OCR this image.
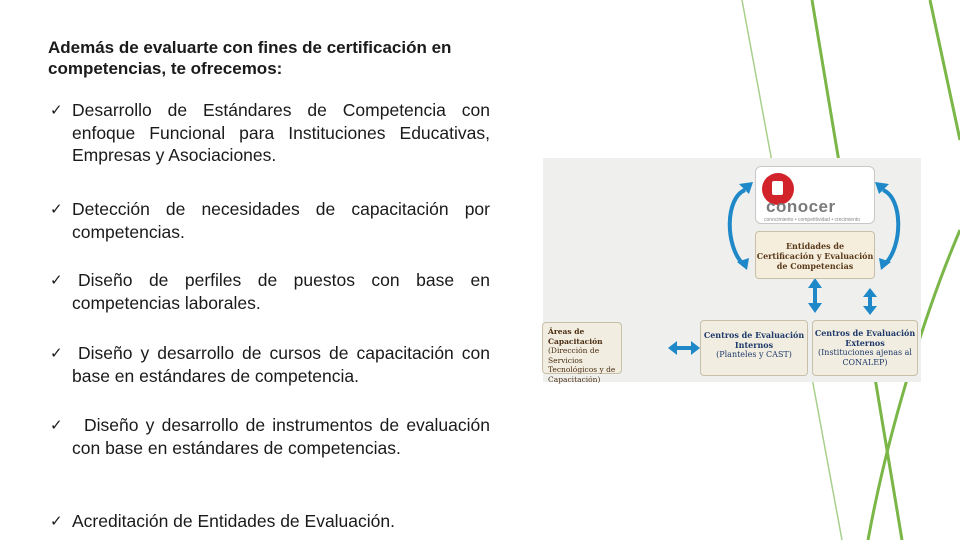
Además de evaluarte con fines de certificación en
competencias, te ofrecemos:
✓ Desarrollo de Estándares de Competencia con enfoque Funcional para Instituciones Educativas, Empresas y Asociaciones.
✓ Detección de necesidades de capacitación por competencias.
✓ Diseño de perfiles de puestos con base en competencias laborales.
✓ Diseño y desarrollo de cursos de capacitación con base en estándares de competencia.
✓	Diseño y desarrollo de instrumentos de evaluación con base en estándares de competencias.
✓ Acreditación de Entidades de Evaluación.
conocer
conocimiento • competitividad • crecimiento
Entidades de Certificación y Evaluación de Competencias
Áreas de Capacitación
(Dirección de Servicios Tecnológicos y de Capacitación)
Centros de Evaluación Internos
(Planteles y CAST)
Centros de Evaluación Externos
(Instituciones ajenas al CONALEP)
